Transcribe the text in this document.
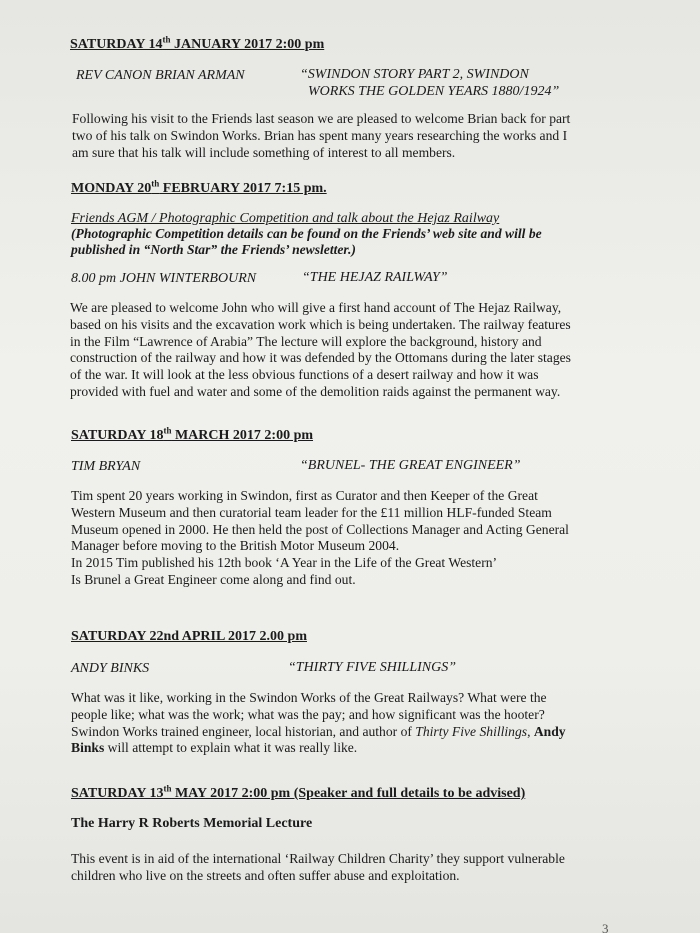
SATURDAY 14th JANUARY 2017 2:00 pm
REV CANON BRIAN ARMAN	“SWINDON STORY PART 2, SWINDON
WORKS THE GOLDEN YEARS 1880/1924”
Following his visit to the Friends last season we are pleased to welcome Brian back for part
two of his talk on Swindon Works. Brian has spent many years researching the works and I
am sure that his talk will include something of interest to all members.
MONDAY 20th FEBRUARY 2017 7:15 pm.
Friends AGM / Photographic Competition and talk about the Hejaz Railway
(Photographic Competition details can be found on the Friends’ web site and will be
published in “North Star” the Friends’ newsletter.)
8.00 pm JOHN WINTERBOURN	“THE HEJAZ RAILWAY”
We are pleased to welcome John who will give a first hand account of The Hejaz Railway,
based on his visits and the excavation work which is being undertaken. The railway features
in the Film “Lawrence of Arabia” The lecture will explore the background, history and
construction of the railway and how it was defended by the Ottomans during the later stages
of the war. It will look at the less obvious functions of a desert railway and how it was
provided with fuel and water and some of the demolition raids against the permanent way.
SATURDAY 18th MARCH 2017 2:00 pm
TIM BRYAN	“BRUNEL- THE GREAT ENGINEER”
Tim spent 20 years working in Swindon, first as Curator and then Keeper of the Great
Western Museum and then curatorial team leader for the £11 million HLF-funded Steam
Museum opened in 2000. He then held the post of Collections Manager and Acting General
Manager before moving to the British Motor Museum 2004.
In 2015 Tim published his 12th book ‘A Year in the Life of the Great Western’
Is Brunel a Great Engineer come along and find out.
SATURDAY 22nd APRIL 2017 2.00 pm
ANDY BINKS	“THIRTY FIVE SHILLINGS”
What was it like, working in the Swindon Works of the Great Railways? What were the
people like; what was the work; what was the pay; and how significant was the hooter?
Swindon Works trained engineer, local historian, and author of Thirty Five Shillings, Andy
Binks will attempt to explain what it was really like.
SATURDAY 13th MAY 2017 2:00 pm (Speaker and full details to be advised)
The Harry R Roberts Memorial Lecture
This event is in aid of the international ‘Railway Children Charity’ they support vulnerable
children who live on the streets and often suffer abuse and exploitation.
3
